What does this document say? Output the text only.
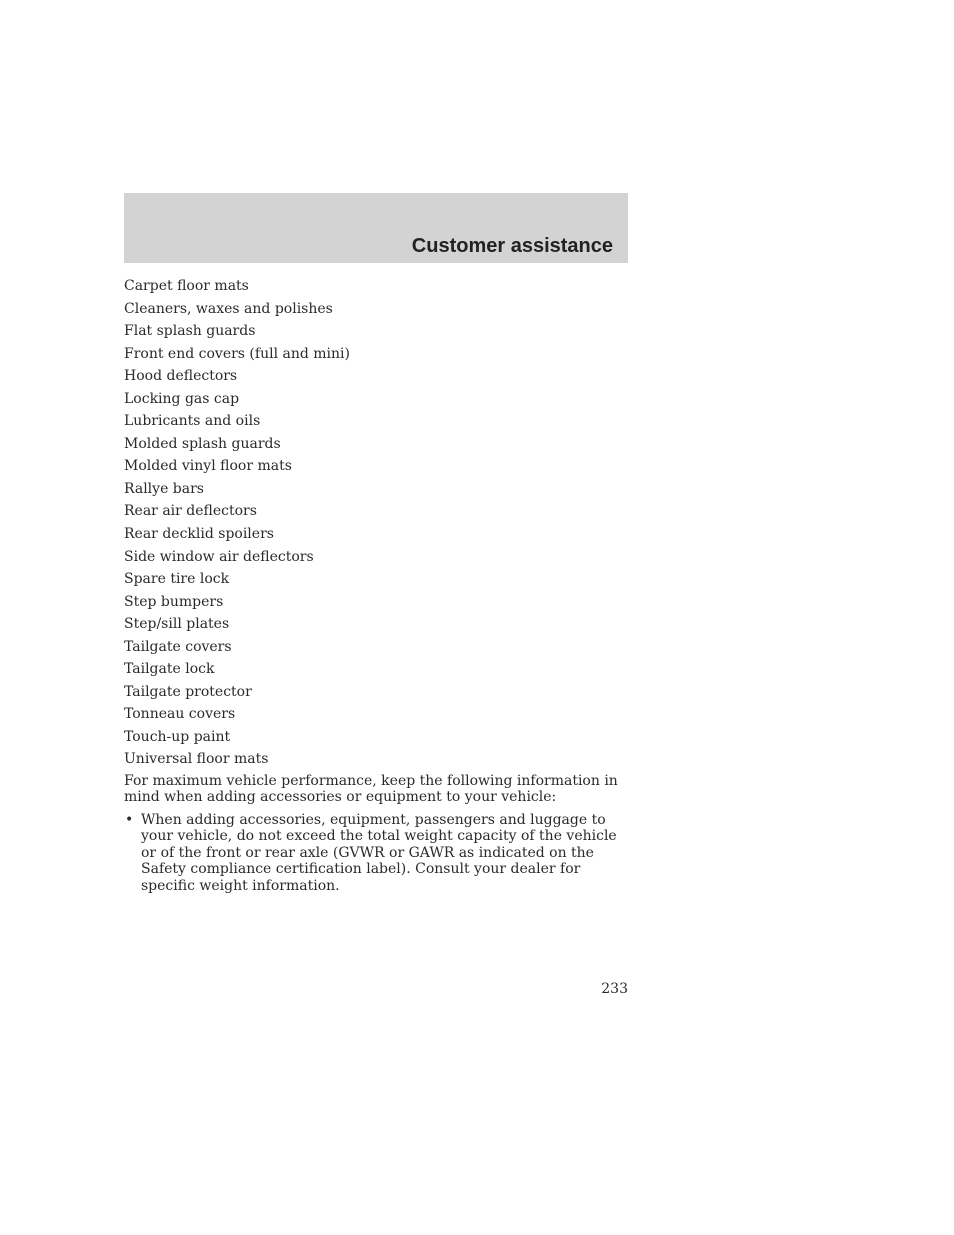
Customer assistance
Carpet floor mats
Cleaners, waxes and polishes
Flat splash guards
Front end covers (full and mini)
Hood deflectors
Locking gas cap
Lubricants and oils
Molded splash guards
Molded vinyl floor mats
Rallye bars
Rear air deflectors
Rear decklid spoilers
Side window air deflectors
Spare tire lock
Step bumpers
Step/sill plates
Tailgate covers
Tailgate lock
Tailgate protector
Tonneau covers
Touch-up paint
Universal floor mats

For maximum vehicle performance, keep the following information in mind when adding accessories or equipment to your vehicle:

• When adding accessories, equipment, passengers and luggage to your vehicle, do not exceed the total weight capacity of the vehicle or of the front or rear axle (GVWR or GAWR as indicated on the Safety compliance certification label). Consult your dealer for specific weight information.
233
